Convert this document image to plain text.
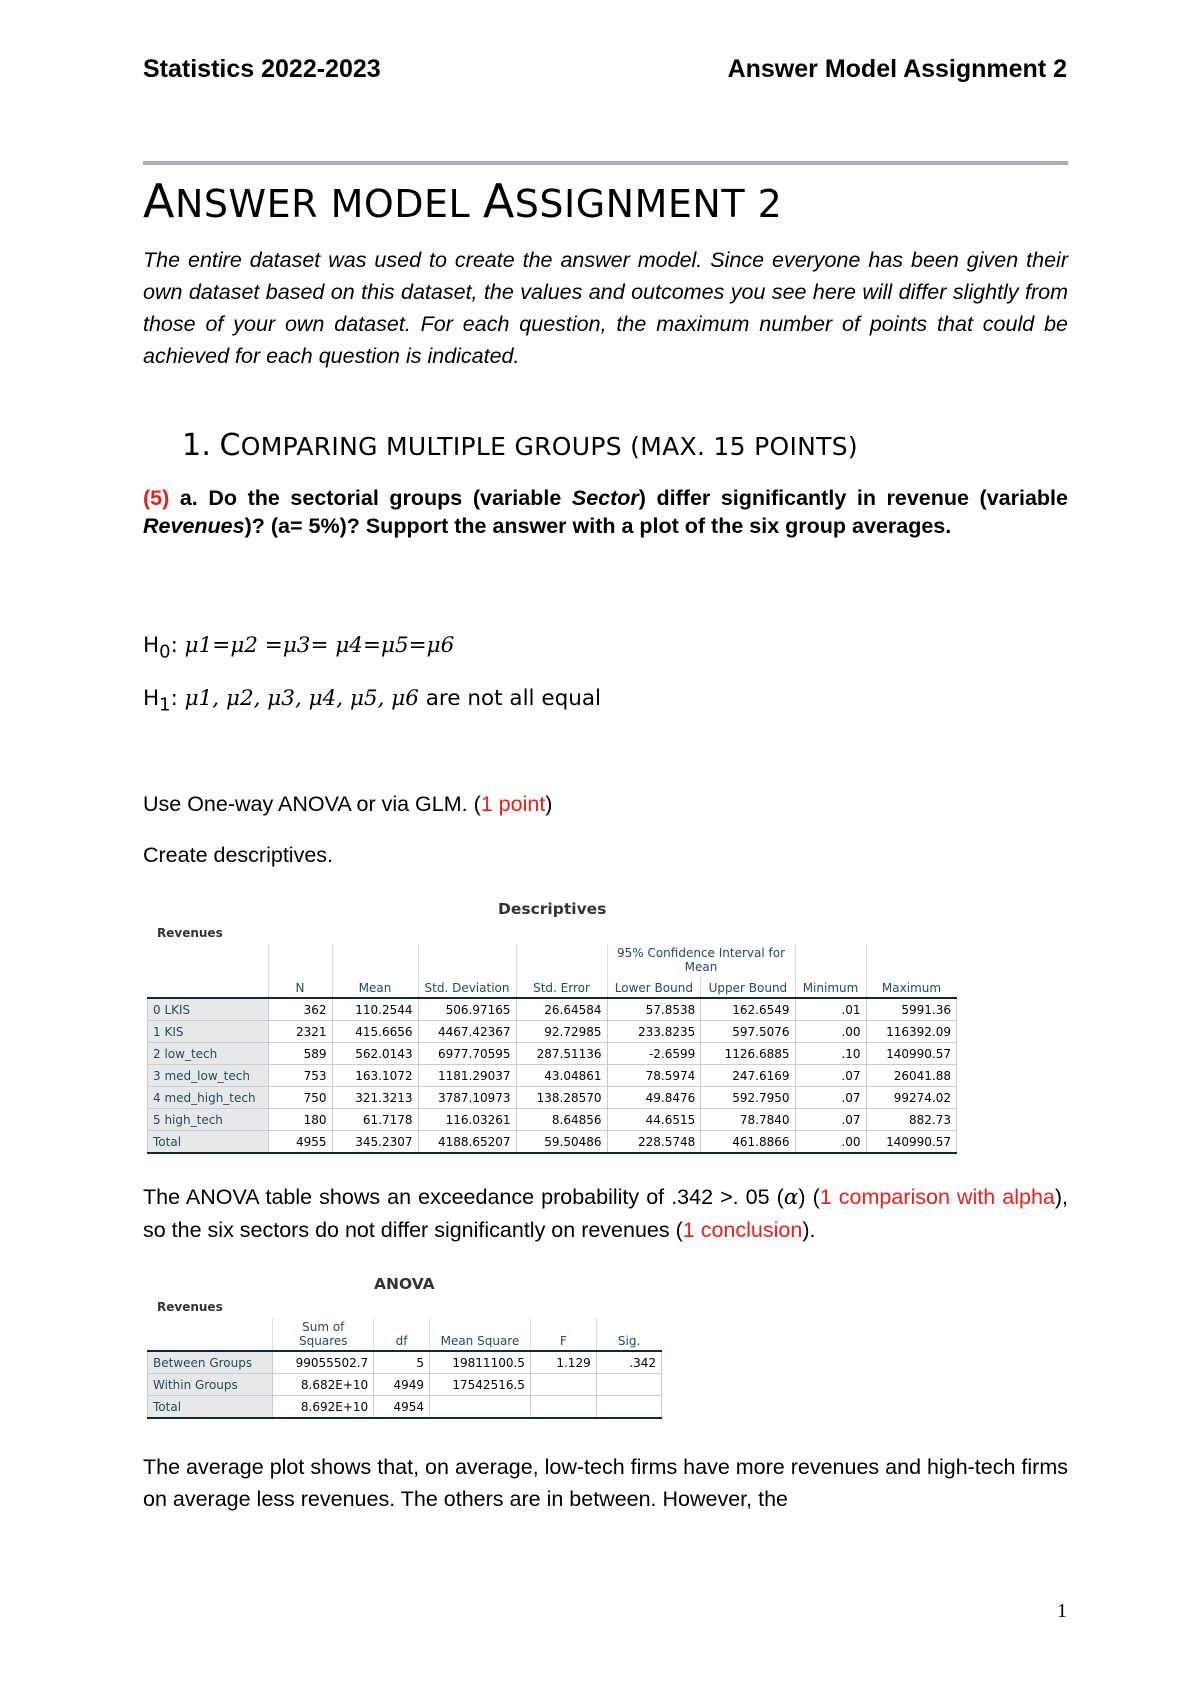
Statistics 2022-2023	Answer Model Assignment 2
ANSWER MODEL ASSIGNMENT 2
The entire dataset was used to create the answer model. Since everyone has been given their own dataset based on this dataset, the values and outcomes you see here will differ slightly from those of your own dataset. For each question, the maximum number of points that could be achieved for each question is indicated.
1. COMPARING MULTIPLE GROUPS (MAX. 15 POINTS)
(5) a. Do the sectorial groups (variable Sector) differ significantly in revenue (variable Revenues)? (a= 5%)? Support the answer with a plot of the six group averages.
$H_0$: μ1=μ2 =μ3= μ4=μ5=μ6
$H_1$: μ1, μ2, μ3, μ4, μ5, μ6 are not all equal
Use One-way ANOVA or via GLM. (1 point)
Create descriptives.
Descriptives
Revenues
					95% Confidence Interval for Mean			
	N	Mean	Std. Deviation	Std. Error	Lower Bound	Upper Bound	Minimum	Maximum
0 LKIS	362	110.2544	506.97165	26.64584	57.8538	162.6549	.01	5991.36
1 KIS	2321	415.6656	4467.42367	92.72985	233.8235	597.5076	.00	116392.09
2 low_tech	589	562.0143	6977.70595	287.51136	-2.6599	1126.6885	.10	140990.57
3 med_low_tech	753	163.1072	1181.29037	43.04861	78.5974	247.6169	.07	26041.88
4 med_high_tech	750	321.3213	3787.10973	138.28570	49.8476	592.7950	.07	99274.02
5 high_tech	180	61.7178	116.03261	8.64856	44.6515	78.7840	.07	882.73
Total	4955	345.2307	4188.65207	59.50486	228.5748	461.8866	.00	140990.57
The ANOVA table shows an exceedance probability of .342 >. 05 (α) (1 comparison with alpha), so the six sectors do not differ significantly on revenues (1 conclusion).
ANOVA
Revenues
	Sum of Squares	df	Mean Square	F	Sig.
Between Groups	99055502.7	5	19811100.5	1.129	.342
Within Groups	8.682E+10	4949	17542516.5		
Total	8.692E+10	4954			
The average plot shows that, on average, low-tech firms have more revenues and high-tech firms on average less revenues. The others are in between. However, the
1
